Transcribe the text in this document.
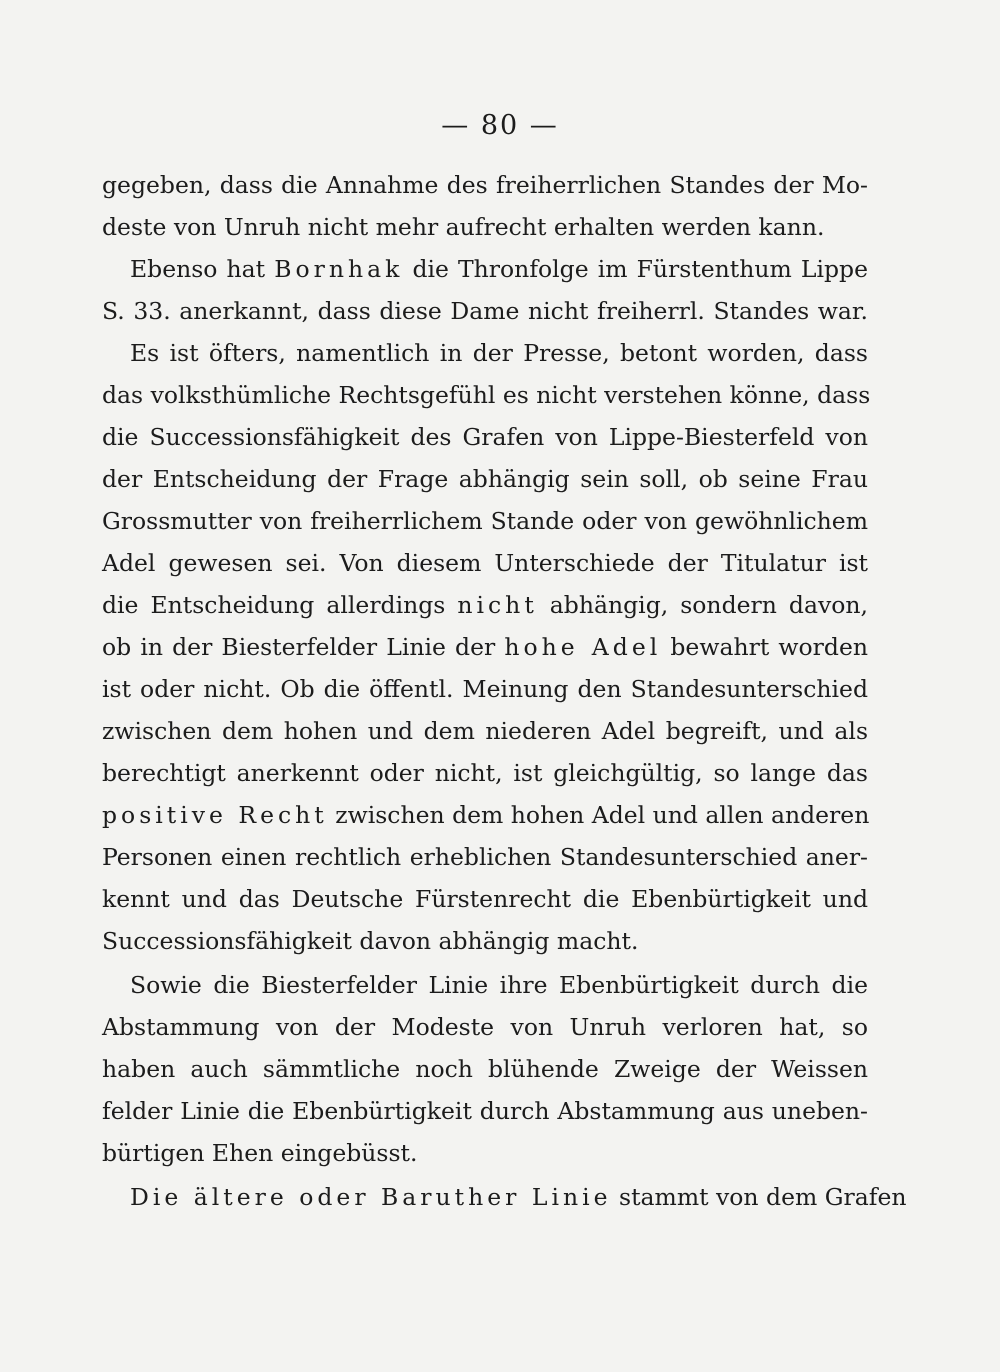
— 80 —
gegeben, dass die Annahme des freiherrlichen Standes der Mo-
deste von Unruh nicht mehr aufrecht erhalten werden kann.
Ebenso hat Bornhak die Thronfolge im Fürstenthum Lippe
S. 33. anerkannt, dass diese Dame nicht freiherrl. Standes war.
Es ist öfters, namentlich in der Presse, betont worden, dass
das volksthümliche Rechtsgefühl es nicht verstehen könne, dass
die Successionsfähigkeit des Grafen von Lippe-Biesterfeld von
der Entscheidung der Frage abhängig sein soll, ob seine Frau
Grossmutter von freiherrlichem Stande oder von gewöhnlichem
Adel gewesen sei. Von diesem Unterschiede der Titulatur ist
die Entscheidung allerdings nicht abhängig, sondern davon,
ob in der Biesterfelder Linie der hohe Adel bewahrt worden
ist oder nicht. Ob die öffentl. Meinung den Standesunterschied
zwischen dem hohen und dem niederen Adel begreift, und als
berechtigt anerkennt oder nicht, ist gleichgültig, so lange das
positive Recht zwischen dem hohen Adel und allen anderen
Personen einen rechtlich erheblichen Standesunterschied aner-
kennt und das Deutsche Fürstenrecht die Ebenbürtigkeit und
Successionsfähigkeit davon abhängig macht.
Sowie die Biesterfelder Linie ihre Ebenbürtigkeit durch die
Abstammung von der Modeste von Unruh verloren hat, so
haben auch sämmtliche noch blühende Zweige der Weissen
felder Linie die Ebenbürtigkeit durch Abstammung aus uneben-
bürtigen Ehen eingebüsst.
Die ältere oder Baruther Linie stammt von dem Grafen
